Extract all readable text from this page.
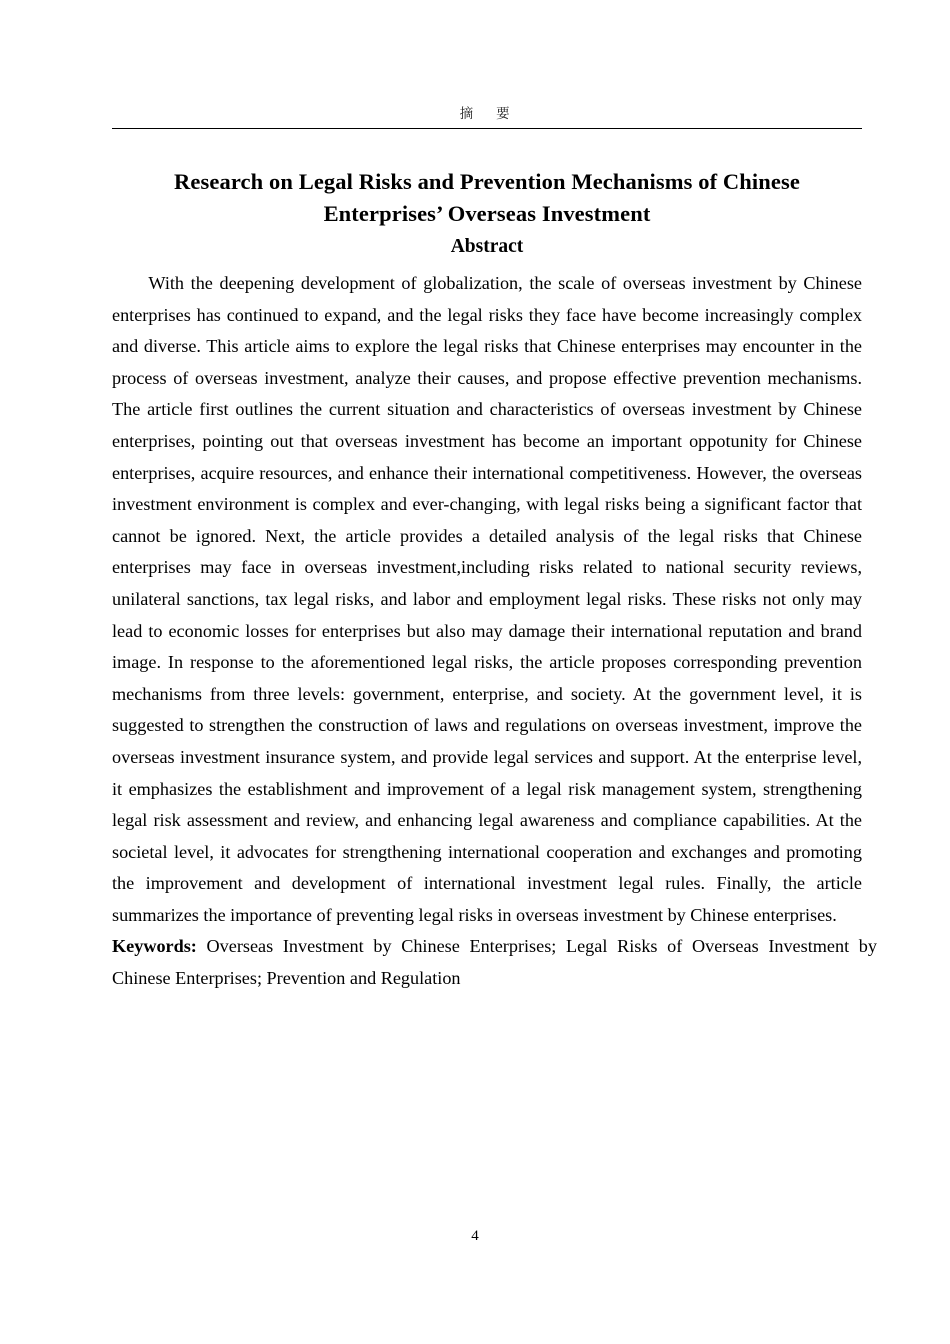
摘　要
Research on Legal Risks and Prevention Mechanisms of Chinese Enterprises’ Overseas Investment
Abstract

With the deepening development of globalization, the scale of overseas investment by Chinese enterprises has continued to expand, and the legal risks they face have become increasingly complex and diverse. This article aims to explore the legal risks that Chinese enterprises may encounter in the process of overseas investment, analyze their causes, and propose effective prevention mechanisms. The article first outlines the current situation and characteristics of overseas investment by Chinese enterprises, pointing out that overseas investment has become an important oppotunity for Chinese enterprises, acquire resources, and enhance their international competitiveness. However, the overseas investment environment is complex and ever-changing, with legal risks being a significant factor that cannot be ignored. Next, the article provides a detailed analysis of the legal risks that Chinese enterprises may face in overseas investment,including risks related to national security reviews, unilateral sanctions, tax legal risks, and labor and employment legal risks. These risks not only may lead to economic losses for enterprises but also may damage their international reputation and brand image. In response to the aforementioned legal risks, the article proposes corresponding prevention mechanisms from three levels: government, enterprise, and society. At the government level, it is suggested to strengthen the construction of laws and regulations on overseas investment, improve the overseas investment insurance system, and provide legal services and support. At the enterprise level, it emphasizes the establishment and improvement of a legal risk management system, strengthening legal risk assessment and review, and enhancing legal awareness and compliance capabilities. At the societal level, it advocates for strengthening international cooperation and exchanges and promoting the improvement and development of international investment legal rules. Finally, the article summarizes the importance of preventing legal risks in overseas investment by Chinese enterprises.

Keywords: Overseas Investment by Chinese Enterprises; Legal Risks of Overseas Investment by Chinese Enterprises; Prevention and Regulation

4
